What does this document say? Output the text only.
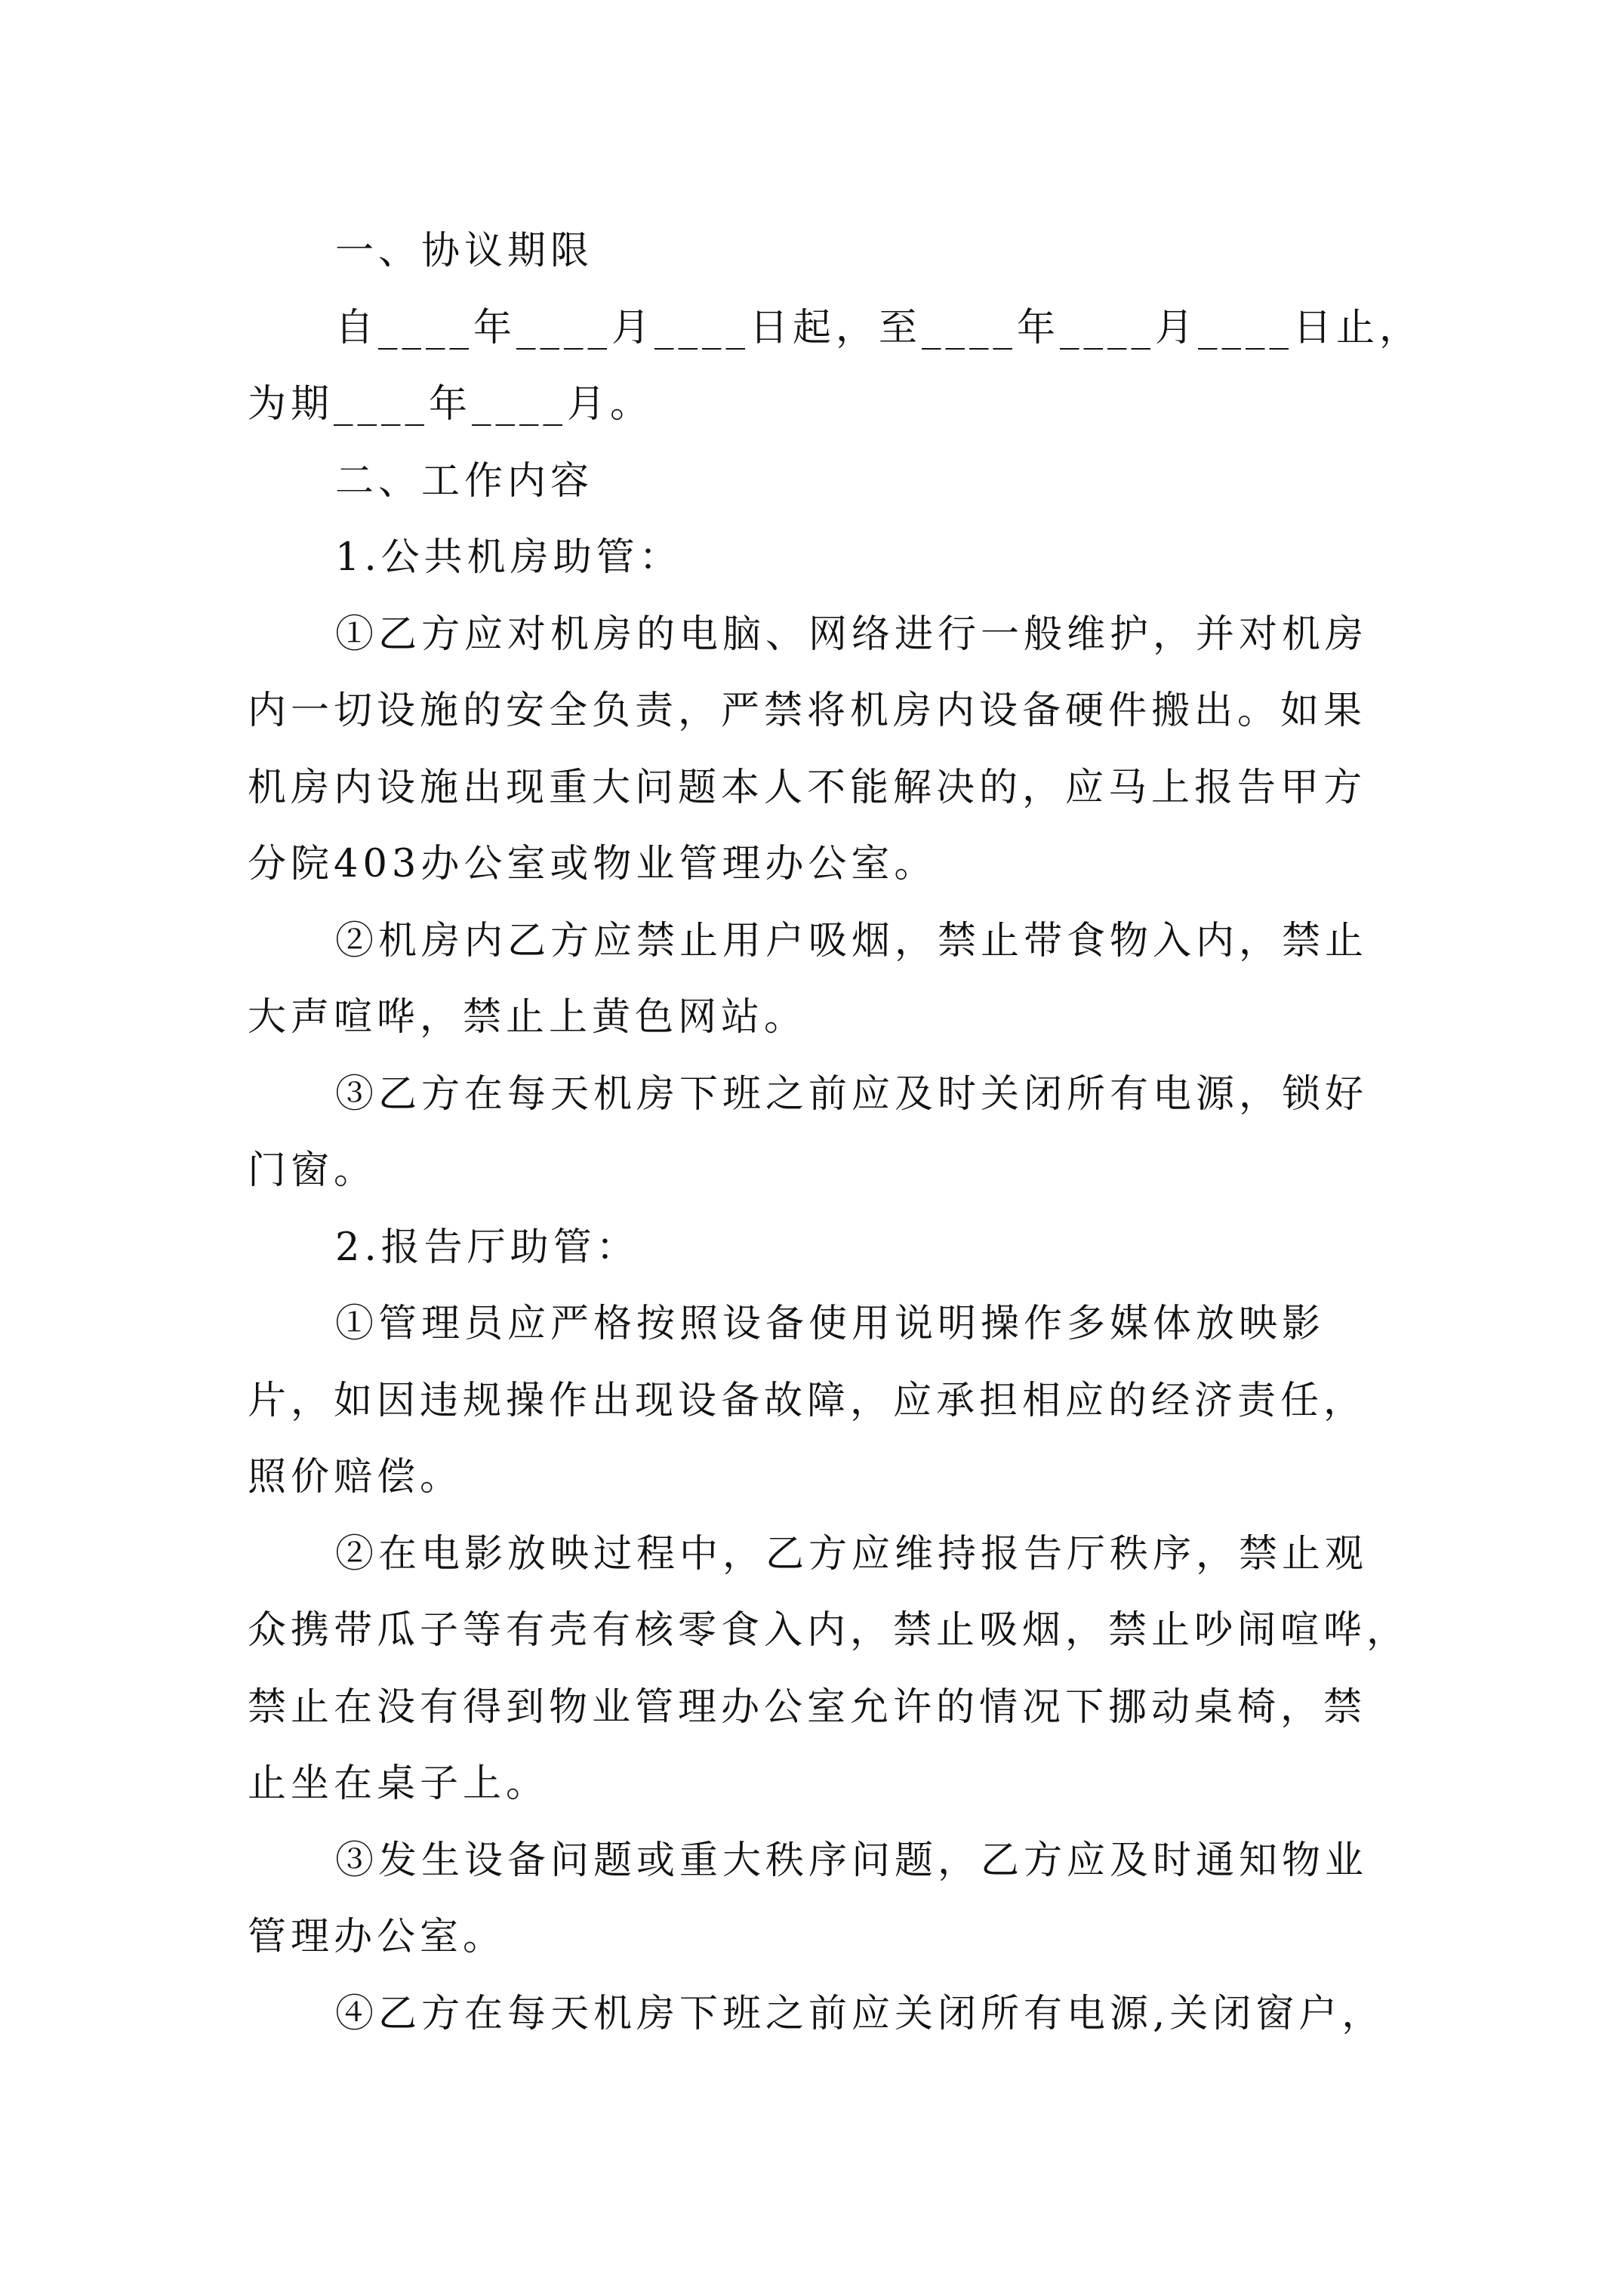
一、协议期限
自____年____月____日起，至____年____月____日止，
为期____年____月。
二、工作内容
1.公共机房助管：
①乙方应对机房的电脑、网络进行一般维护，并对机房
内一切设施的安全负责，严禁将机房内设备硬件搬出。如果
机房内设施出现重大问题本人不能解决的，应马上报告甲方
分院403办公室或物业管理办公室。
②机房内乙方应禁止用户吸烟，禁止带食物入内，禁止
大声喧哗，禁止上黄色网站。
③乙方在每天机房下班之前应及时关闭所有电源，锁好
门窗。
2.报告厅助管：
①管理员应严格按照设备使用说明操作多媒体放映影
片，如因违规操作出现设备故障，应承担相应的经济责任，
照价赔偿。
②在电影放映过程中，乙方应维持报告厅秩序，禁止观
众携带瓜子等有壳有核零食入内，禁止吸烟，禁止吵闹喧哗，
禁止在没有得到物业管理办公室允许的情况下挪动桌椅，禁
止坐在桌子上。
③发生设备问题或重大秩序问题，乙方应及时通知物业
管理办公室。
④乙方在每天机房下班之前应关闭所有电源,关闭窗户，
